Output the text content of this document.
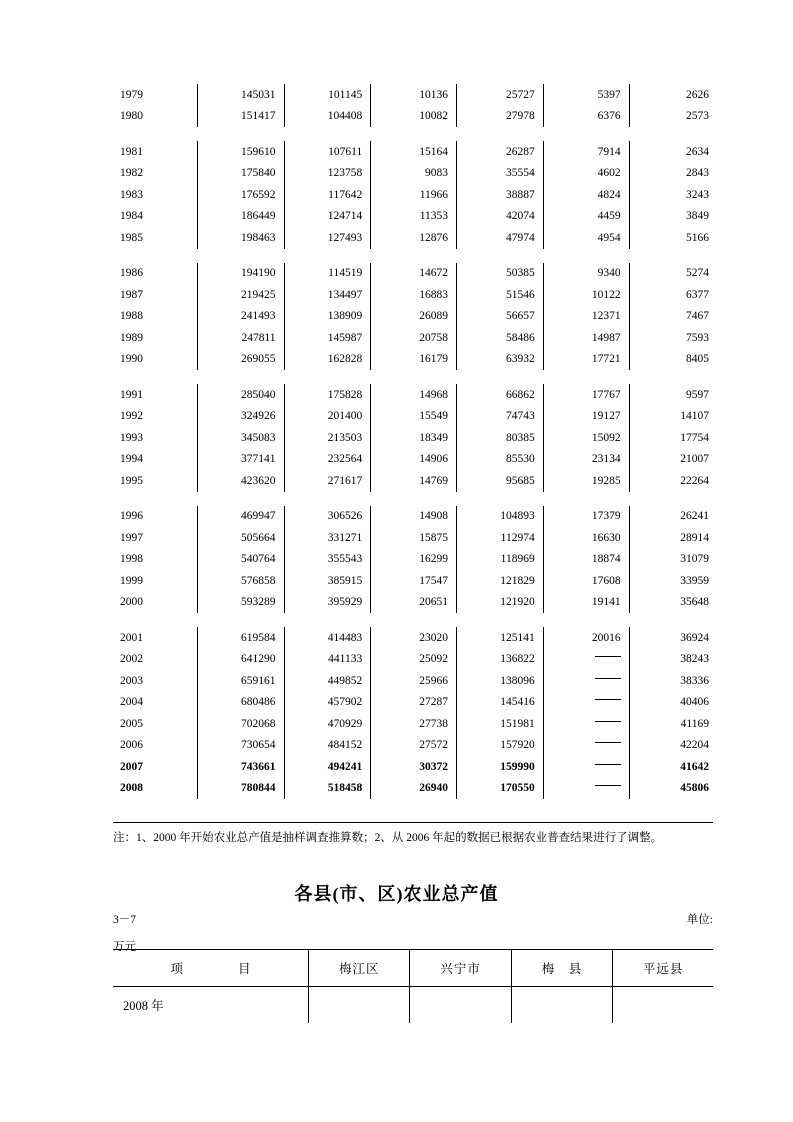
1979	145031	101145	10136	25727	5397	2626
1980	151417	104408	10082	27978	6376	2573

1981	159610	107611	15164	26287	7914	2634
1982	175840	123758	9083	35554	4602	2843
1983	176592	117642	11966	38887	4824	3243
1984	186449	124714	11353	42074	4459	3849
1985	198463	127493	12876	47974	4954	5166

1986	194190	114519	14672	50385	9340	5274
1987	219425	134497	16883	51546	10122	6377
1988	241493	138909	26089	56657	12371	7467
1989	247811	145987	20758	58486	14987	7593
1990	269055	162828	16179	63932	17721	8405

1991	285040	175828	14968	66862	17767	9597
1992	324926	201400	15549	74743	19127	14107
1993	345083	213503	18349	80385	15092	17754
1994	377141	232564	14906	85530	23134	21007
1995	423620	271617	14769	95685	19285	22264

1996	469947	306526	14908	104893	17379	26241
1997	505664	331271	15875	112974	16630	28914
1998	540764	355543	16299	118969	18874	31079
1999	576858	385915	17547	121829	17608	33959
2000	593289	395929	20651	121920	19141	35648

2001	619584	414483	23020	125141	20016	36924
2002	641290	441133	25092	136822		38243
2003	659161	449852	25966	138096		38336
2004	680486	457902	27287	145416		40406
2005	702068	470929	27738	151981		41169
2006	730654	484152	27572	157920		42204
2007	743661	494241	30372	159990		41642
2008	780844	518458	26940	170550		45806
注：1、2000 年开始农业总产值是抽样调查推算数；2、从 2006 年起的数据已根据农业普查结果进行了调整。
各县(市、区)农业总产值
3－7	单位:
万元
项　　目	梅江区	兴宁市	梅　县	平远县
2008 年				
